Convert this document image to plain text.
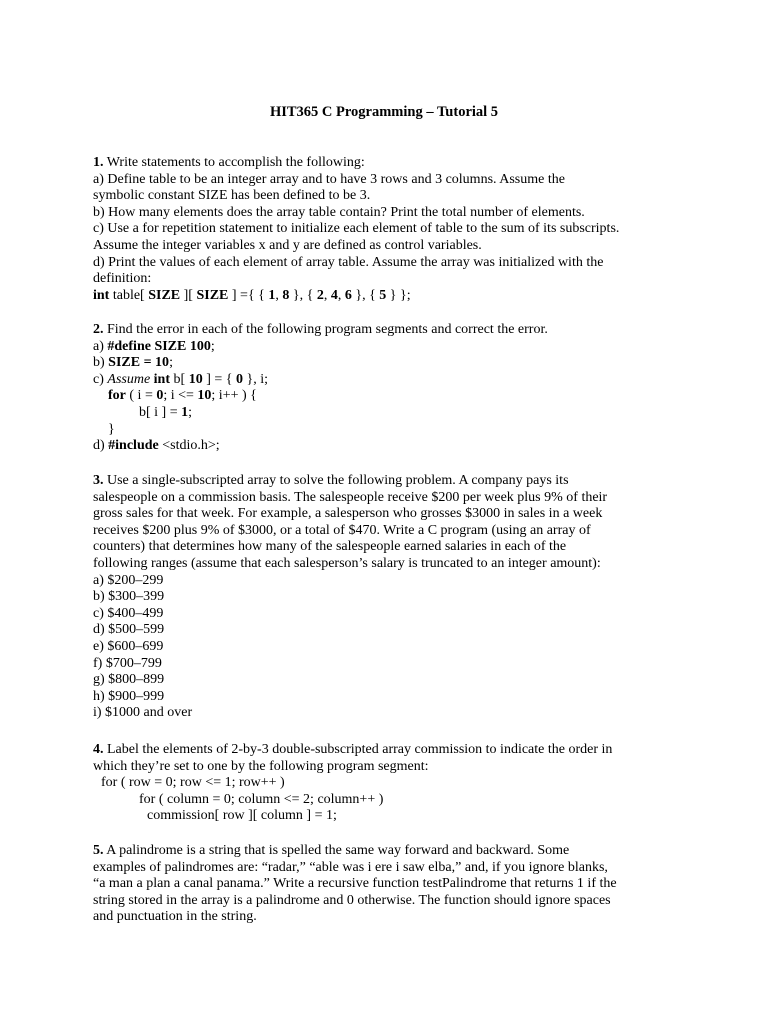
HIT365 C Programming – Tutorial 5
1. Write statements to accomplish the following:
a) Define table to be an integer array and to have 3 rows and 3 columns. Assume the
symbolic constant SIZE has been defined to be 3.
b) How many elements does the array table contain? Print the total number of elements.
c) Use a for repetition statement to initialize each element of table to the sum of its subscripts.
Assume the integer variables x and y are defined as control variables.
d) Print the values of each element of array table. Assume the array was initialized with the
definition:
int table[ SIZE ][ SIZE ] ={ { 1, 8 }, { 2, 4, 6 }, { 5 } };
2. Find the error in each of the following program segments and correct the error.
a) #define SIZE 100;
b) SIZE = 10;
c) Assume int b[ 10 ] = { 0 }, i;
for ( i = 0; i <= 10; i++ ) {
b[ i ] = 1;
}
d) #include <stdio.h>;
3. Use a single-subscripted array to solve the following problem. A company pays its
salespeople on a commission basis. The salespeople receive $200 per week plus 9% of their
gross sales for that week. For example, a salesperson who grosses $3000 in sales in a week
receives $200 plus 9% of $3000, or a total of $470. Write a C program (using an array of
counters) that determines how many of the salespeople earned salaries in each of the
following ranges (assume that each salesperson’s salary is truncated to an integer amount):
a) $200–299
b) $300–399
c) $400–499
d) $500–599
e) $600–699
f) $700–799
g) $800–899
h) $900–999
i) $1000 and over
4. Label the elements of 2-by-3 double-subscripted array commission to indicate the order in
which they’re set to one by the following program segment:
for ( row = 0; row <= 1; row++ )
for ( column = 0; column <= 2; column++ )
commission[ row ][ column ] = 1;
5. A palindrome is a string that is spelled the same way forward and backward. Some
examples of palindromes are: “radar,” “able was i ere i saw elba,” and, if you ignore blanks,
“a man a plan a canal panama.” Write a recursive function testPalindrome that returns 1 if the
string stored in the array is a palindrome and 0 otherwise. The function should ignore spaces
and punctuation in the string.
